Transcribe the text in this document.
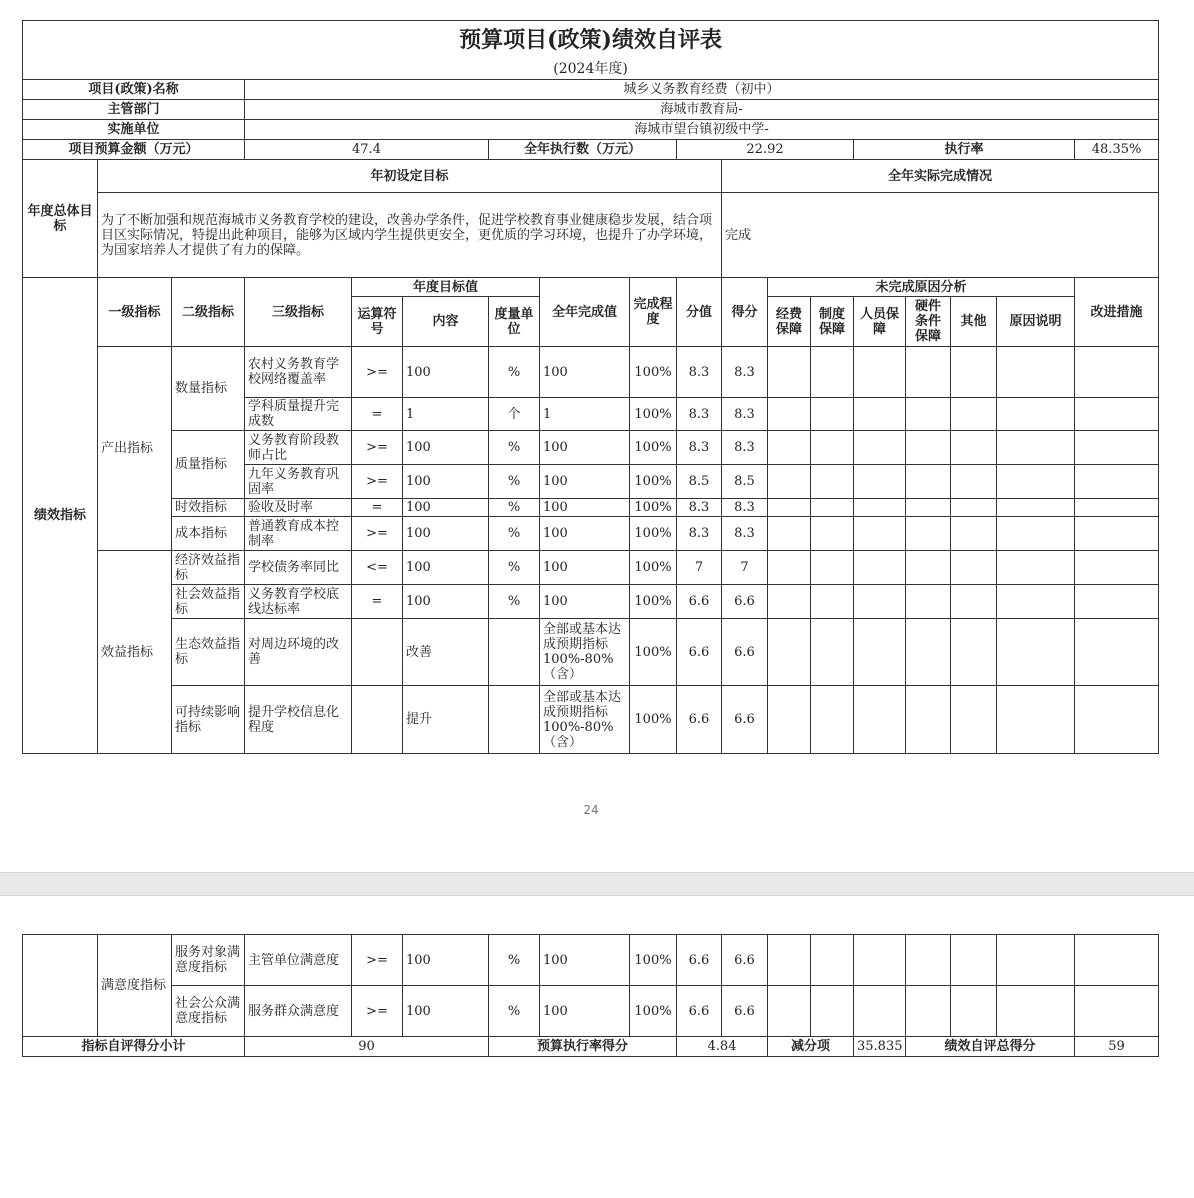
预算项目(政策)绩效自评表																	
(2024年度)																	
项目(政策)名称			城乡义务教育经费（初中）														
主管部门			海城市教育局-														
实施单位			海城市望台镇初级中学-														
项目预算金额（万元）			47.4			全年执行数（万元）			22.92				执行率				48.35%
年度总体目标	年初设定目标									全年实际完成情况							
	为了不断加强和规范海城市义务教育学校的建设，改善办学条件，促进学校教育事业健康稳步发展，结合项目区实际情况，特提出此种项目，能够为区域内学生提供更安全，更优质的学习环境，也提升了办学环境，为国家培养人才提供了有力的保障。									完成							
绩效指标	一级指标	二级指标	三级指标	年度目标值			全年完成值	完成程度	分值	得分	未完成原因分析						改进措施
				运算符号	内容	度量单位					经费保障	制度保障	人员保障	硬件条件保障	其他	原因说明	
	产出指标	数量指标	农村义务教育学校网络覆盖率	>=	100	%	100	100%	8.3	8.3							
			学科质量提升完成数	=	1	个	1	100%	8.3	8.3							
		质量指标	义务教育阶段教师占比	>=	100	%	100	100%	8.3	8.3							
			九年义务教育巩固率	>=	100	%	100	100%	8.5	8.5							
		时效指标	验收及时率	=	100	%	100	100%	8.3	8.3							
		成本指标	普通教育成本控制率	>=	100	%	100	100%	8.3	8.3							
	效益指标	经济效益指标	学校债务率同比	<=	100	%	100	100%	7	7							
		社会效益指标	义务教育学校底线达标率	=	100	%	100	100%	6.6	6.6							
		生态效益指标	对周边环境的改善		改善		全部或基本达成预期指标100%-80%（含）	100%	6.6	6.6							
		可持续影响指标	提升学校信息化程度		提升		全部或基本达成预期指标100%-80%（含）	100%	6.6	6.6							
24
	满意度指标	服务对象满意度指标	主管单位满意度	>=	100	%	100	100%	6.6	6.6							
		社会公众满意度指标	服务群众满意度	>=	100	%	100	100%	6.6	6.6							
指标自评得分小计			90			预算执行率得分			4.84		减分项		35.835	绩效自评总得分			59
